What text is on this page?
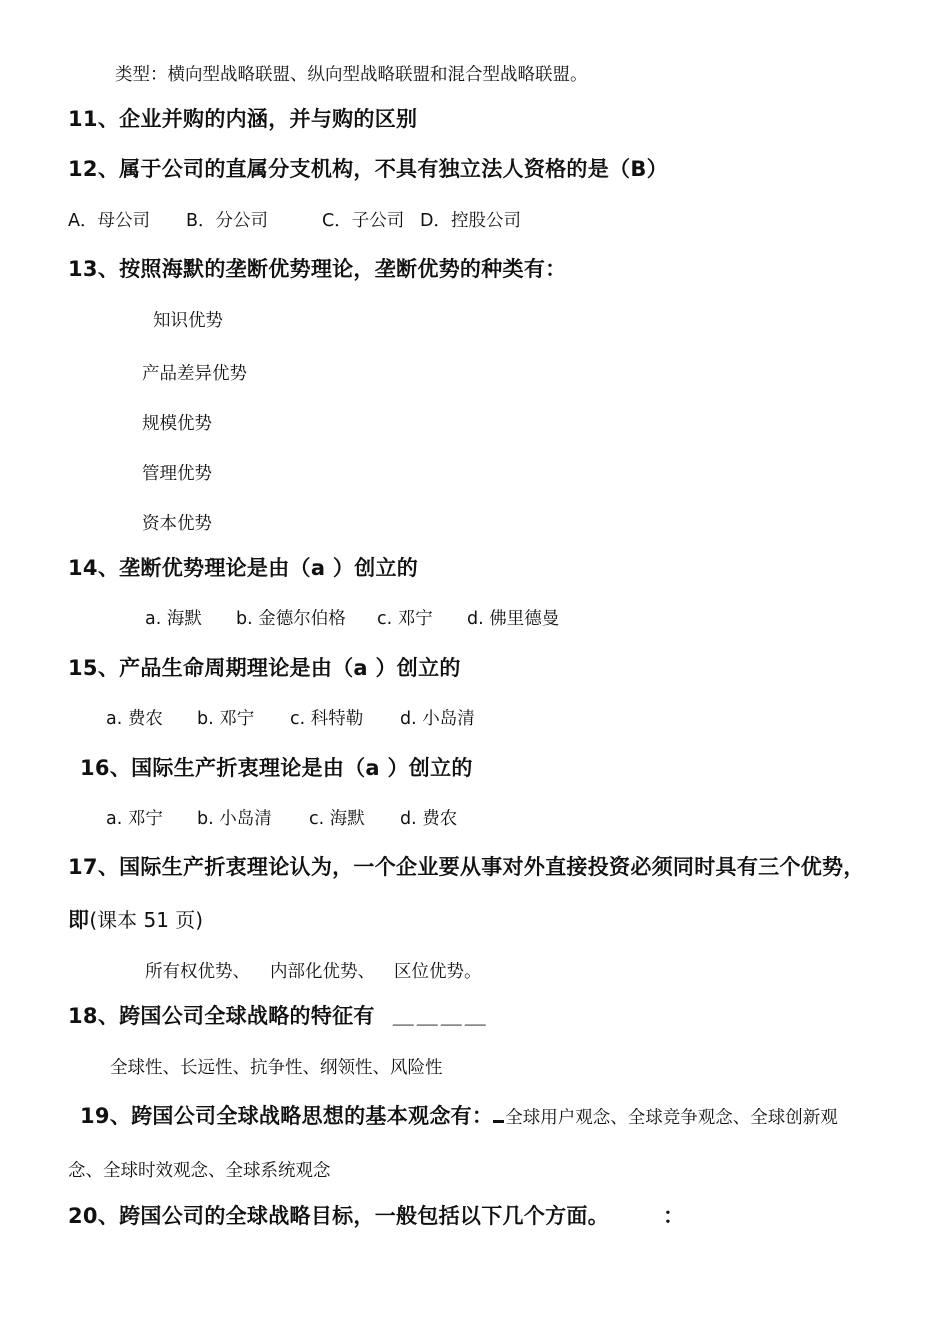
类型：横向型战略联盟、纵向型战略联盟和混合型战略联盟。
11、企业并购的内涵，并与购的区别
12、属于公司的直属分支机构，不具有独立法人资格的是（B）
A．母公司 B．分公司	C．子公司 D．控股公司
13、按照海默的垄断优势理论，垄断优势的种类有：
知识优势
产品差异优势
规模优势
管理优势
资本优势
14、垄断优势理论是由（a ）创立的
a. 海默 b. 金德尔伯格 c. 邓宁 d. 佛里德曼
15、产品生命周期理论是由（a ）创立的
a. 费农 b. 邓宁 c. 科特勒 d. 小岛清
16、国际生产折衷理论是由（a ）创立的
a. 邓宁 b. 小岛清 c. 海默 d. 费农
17、国际生产折衷理论认为，一个企业要从事对外直接投资必须同时具有三个优势，
即(课本 51 页)
所有权优势、 内部化优势、 区位优势。
18、跨国公司全球战略的特征有 ＿＿＿＿
全球性、长远性、抗争性、纲领性、风险性
19、跨国公司全球战略思想的基本观念有： 全球用户观念、全球竞争观念、全球创新观
念、全球时效观念、全球系统观念
20、跨国公司的全球战略目标，一般包括以下几个方面。	：
